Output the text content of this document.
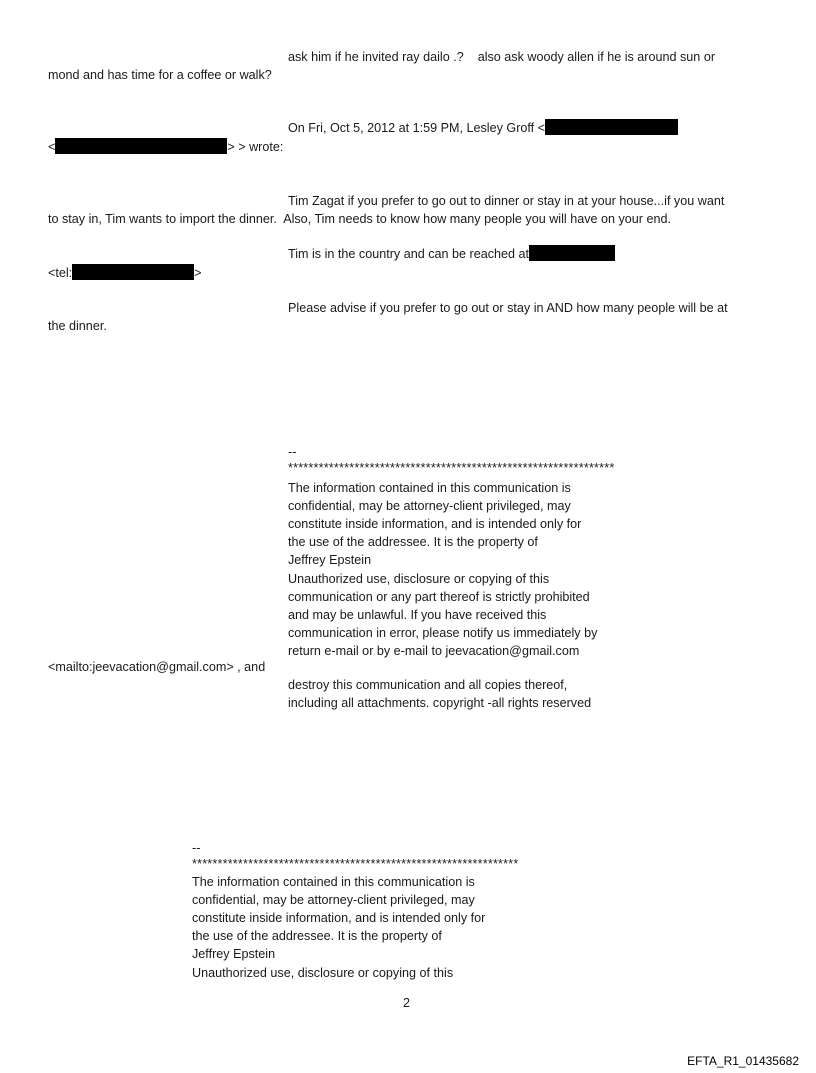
ask him if he invited ray dailo .?    also ask woody allen if he is around sun or
mond and has time for a coffee or walk?
On Fri, Oct 5, 2012 at 1:59 PM, Lesley Groff <
<	> > wrote:
Tim Zagat if you prefer to go out to dinner or stay in at your house...if you want
to stay in, Tim wants to import the dinner.  Also, Tim needs to know how many people you will have on your end.
Tim is in the country and can be reached at
<tel:	>
Please advise if you prefer to go out or stay in AND how many people will be at
the dinner.
--
****************************************************************
The information contained in this communication is
confidential, may be attorney-client privileged, may
constitute inside information, and is intended only for
the use of the addressee. It is the property of
Jeffrey Epstein
Unauthorized use, disclosure or copying of this
communication or any part thereof is strictly prohibited
and may be unlawful. If you have received this
communication in error, please notify us immediately by
return e-mail or by e-mail to jeevacation@gmail.com
<mailto:jeevacation@gmail.com> , and
destroy this communication and all copies thereof,
including all attachments. copyright -all rights reserved
--
****************************************************************
The information contained in this communication is
confidential, may be attorney-client privileged, may
constitute inside information, and is intended only for
the use of the addressee. It is the property of
Jeffrey Epstein
Unauthorized use, disclosure or copying of this
2
EFTA_R1_01435682
